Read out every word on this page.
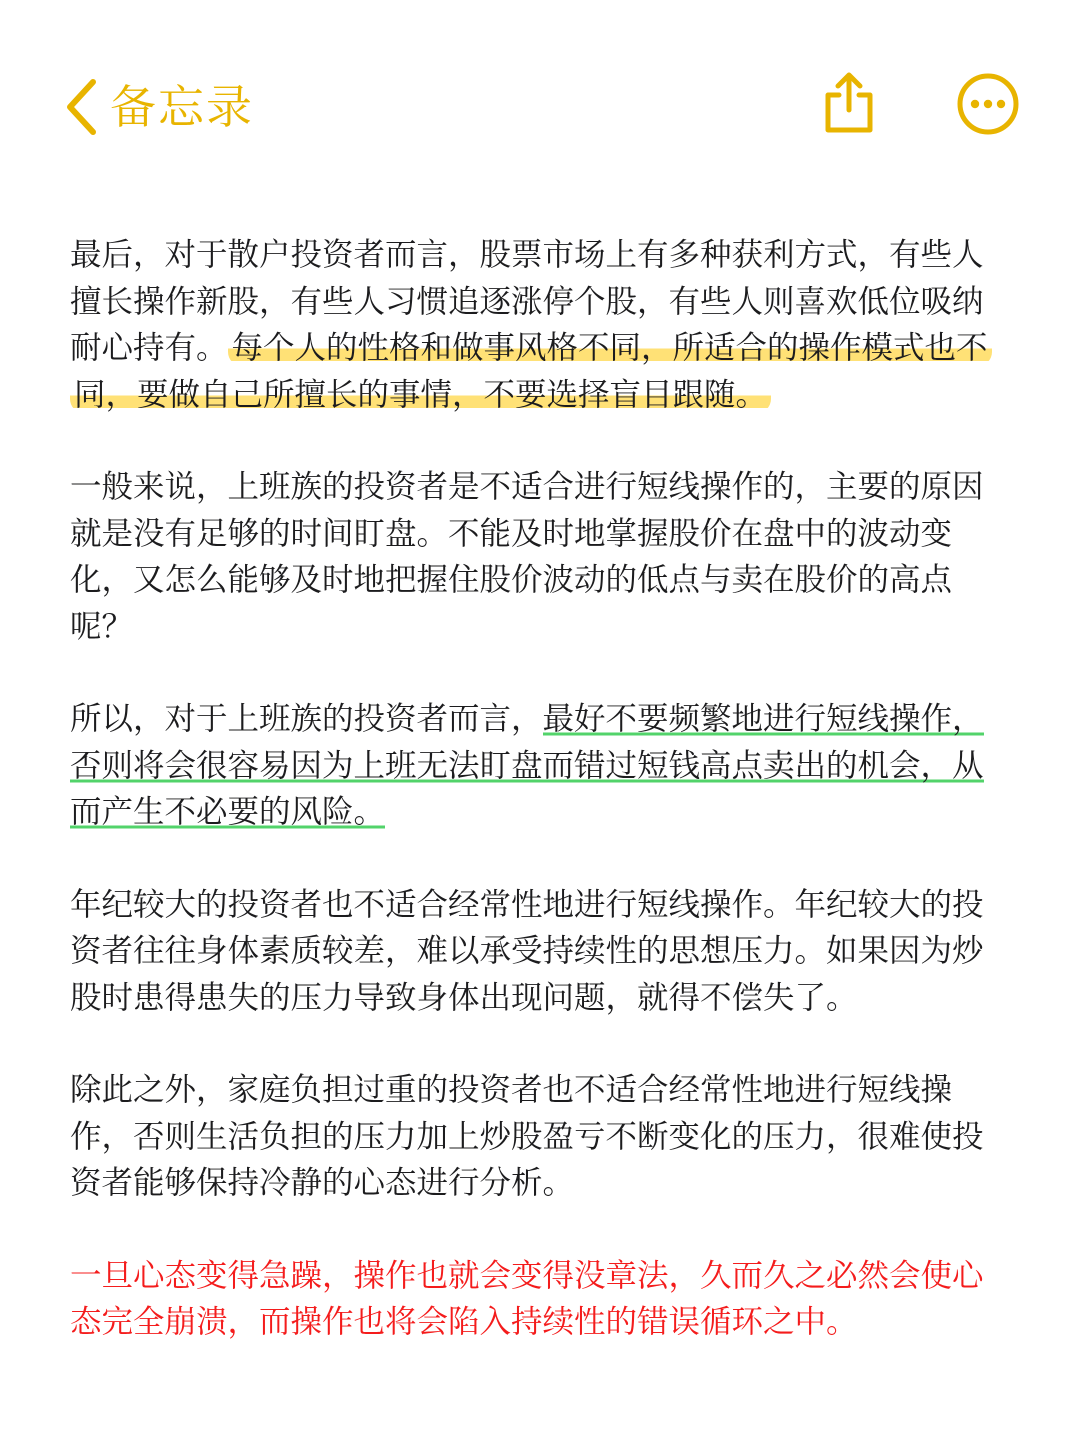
备忘录

最后，对于散户投资者而言，股票市场上有多种获利方式，有些人擅长操作新股，有些人习惯追逐涨停个股，有些人则喜欢低位吸纳耐心持有。 每个人的性格和做事风格不同，所适合的操作模式也不同，要做自己所擅长的事情，不要选择盲目跟随。

一般来说，上班族的投资者是不适合进行短线操作的，主要的原因就是没有足够的时间盯盘。不能及时地掌握股价在盘中的波动变化，又怎么能够及时地把握住股价波动的低点与卖在股价的高点呢？

所以，对于上班族的投资者而言，最好不要频繁地进行短线操作，否则将会很容易因为上班无法盯盘而错过短钱高点卖出的机会，从而产生不必要的风险。

年纪较大的投资者也不适合经常性地进行短线操作。年纪较大的投资者往往身体素质较差，难以承受持续性的思想压力。如果因为炒股时患得患失的压力导致身体出现问题，就得不偿失了。

除此之外，家庭负担过重的投资者也不适合经常性地进行短线操作，否则生活负担的压力加上炒股盈亏不断变化的压力，很难使投资者能够保持冷静的心态进行分析。

一旦心态变得急躁，操作也就会变得没章法，久而久之必然会使心态完全崩溃，而操作也将会陷入持续性的错误循环之中。
